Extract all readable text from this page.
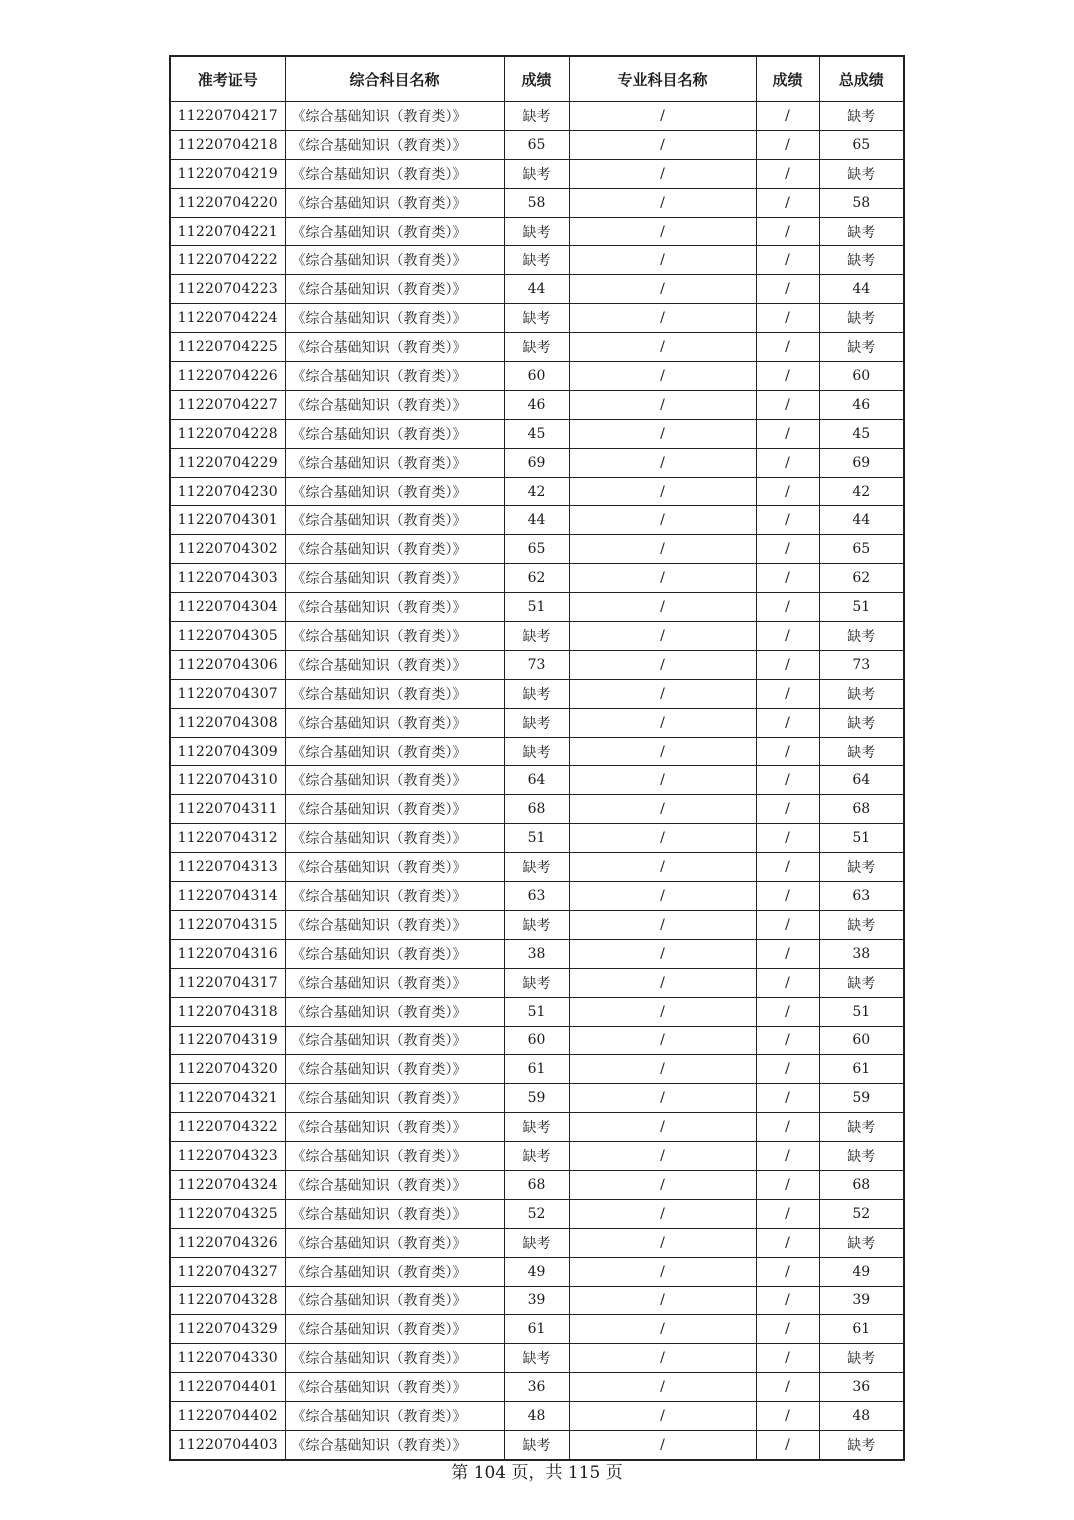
准考证号	综合科目名称	成绩	专业科目名称	成绩	总成绩
11220704217	《综合基础知识（教育类）》	缺考	/	/	缺考
11220704218	《综合基础知识（教育类）》	65	/	/	65
11220704219	《综合基础知识（教育类）》	缺考	/	/	缺考
11220704220	《综合基础知识（教育类）》	58	/	/	58
11220704221	《综合基础知识（教育类）》	缺考	/	/	缺考
11220704222	《综合基础知识（教育类）》	缺考	/	/	缺考
11220704223	《综合基础知识（教育类）》	44	/	/	44
11220704224	《综合基础知识（教育类）》	缺考	/	/	缺考
11220704225	《综合基础知识（教育类）》	缺考	/	/	缺考
11220704226	《综合基础知识（教育类）》	60	/	/	60
11220704227	《综合基础知识（教育类）》	46	/	/	46
11220704228	《综合基础知识（教育类）》	45	/	/	45
11220704229	《综合基础知识（教育类）》	69	/	/	69
11220704230	《综合基础知识（教育类）》	42	/	/	42
11220704301	《综合基础知识（教育类）》	44	/	/	44
11220704302	《综合基础知识（教育类）》	65	/	/	65
11220704303	《综合基础知识（教育类）》	62	/	/	62
11220704304	《综合基础知识（教育类）》	51	/	/	51
11220704305	《综合基础知识（教育类）》	缺考	/	/	缺考
11220704306	《综合基础知识（教育类）》	73	/	/	73
11220704307	《综合基础知识（教育类）》	缺考	/	/	缺考
11220704308	《综合基础知识（教育类）》	缺考	/	/	缺考
11220704309	《综合基础知识（教育类）》	缺考	/	/	缺考
11220704310	《综合基础知识（教育类）》	64	/	/	64
11220704311	《综合基础知识（教育类）》	68	/	/	68
11220704312	《综合基础知识（教育类）》	51	/	/	51
11220704313	《综合基础知识（教育类）》	缺考	/	/	缺考
11220704314	《综合基础知识（教育类）》	63	/	/	63
11220704315	《综合基础知识（教育类）》	缺考	/	/	缺考
11220704316	《综合基础知识（教育类）》	38	/	/	38
11220704317	《综合基础知识（教育类）》	缺考	/	/	缺考
11220704318	《综合基础知识（教育类）》	51	/	/	51
11220704319	《综合基础知识（教育类）》	60	/	/	60
11220704320	《综合基础知识（教育类）》	61	/	/	61
11220704321	《综合基础知识（教育类）》	59	/	/	59
11220704322	《综合基础知识（教育类）》	缺考	/	/	缺考
11220704323	《综合基础知识（教育类）》	缺考	/	/	缺考
11220704324	《综合基础知识（教育类）》	68	/	/	68
11220704325	《综合基础知识（教育类）》	52	/	/	52
11220704326	《综合基础知识（教育类）》	缺考	/	/	缺考
11220704327	《综合基础知识（教育类）》	49	/	/	49
11220704328	《综合基础知识（教育类）》	39	/	/	39
11220704329	《综合基础知识（教育类）》	61	/	/	61
11220704330	《综合基础知识（教育类）》	缺考	/	/	缺考
11220704401	《综合基础知识（教育类）》	36	/	/	36
11220704402	《综合基础知识（教育类）》	48	/	/	48
11220704403	《综合基础知识（教育类）》	缺考	/	/	缺考
第 104 页，共 115 页
